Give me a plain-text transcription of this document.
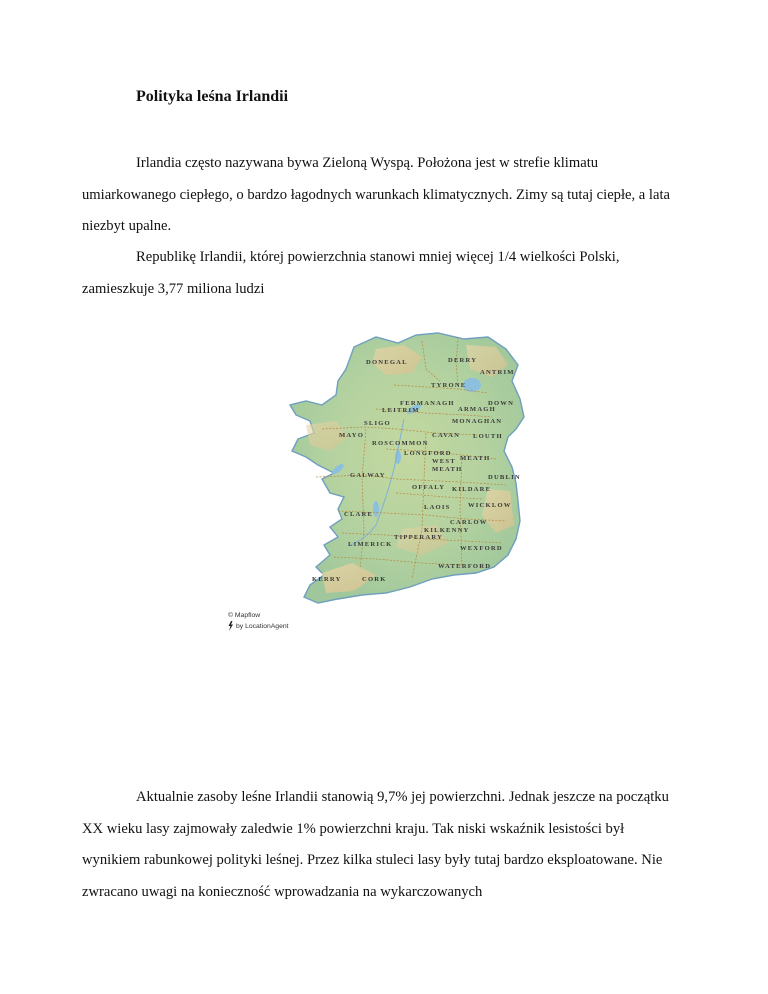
Polityka leśna Irlandii

Irlandia często nazywana bywa Zieloną Wyspą. Położona jest w strefie klimatu umiarkowanego ciepłego, o bardzo łagodnych warunkach klimatycznych. Zimy są tutaj ciepłe, a lata niezbyt upalne.

Republikę Irlandii, której powierzchnia stanowi mniej więcej 1/4 wielkości Polski, zamieszkuje 3,77 miliona ludzi

DONEGAL	DERRY
ANTRIM
TYRONE
FERMANAGH	DOWN
LEITRIM	ARMAGH
SLIGO	MONAGHAN
CAVAN
MAYO
ROSCOMMON
LOUTH
LONGFORD
MEATH
WEST
MEATH
GALWAY	DUBLIN
OFFALY KILDARE
LAOIS	WICKLOW
CLARE
CARLOW
KILKENNY
TIPPERARY
LIMERICK
WEXFORD
WATERFORD
KERRY	CORK
© Mapflow
by LocationAgent

Aktualnie zasoby leśne Irlandii stanowią 9,7% jej powierzchni. Jednak jeszcze na początku XX wieku lasy zajmowały zaledwie 1% powierzchni kraju. Tak niski wskaźnik lesistości był wynikiem rabunkowej polityki leśnej. Przez kilka stuleci lasy były tutaj bardzo eksploatowane. Nie zwracano uwagi na konieczność wprowadzania na wykarczowanych
